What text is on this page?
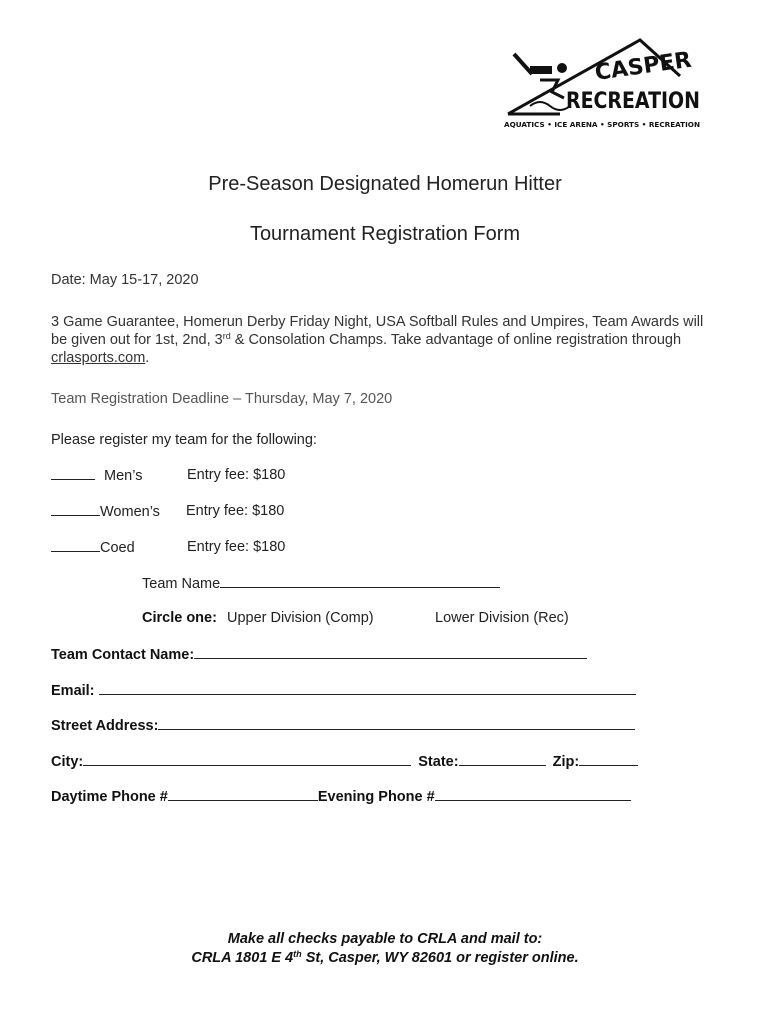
CASPER
RECREATION
AQUATICS • ICE ARENA • SPORTS • RECREATION
Pre-Season Designated Homerun Hitter
Tournament Registration Form
Date: May 15-17, 2020
3 Game Guarantee, Homerun Derby Friday Night, USA Softball Rules and Umpires, Team Awards will be given out for 1st, 2nd, 3rd & Consolation Champs. Take advantage of online registration through crlasports.com.
Team Registration Deadline – Thursday, May 7, 2020
Please register my team for the following:
Men’s	Entry fee: $180
Women’s Entry fee: $180
Coed	Entry fee: $180
Team Name
Circle one: Upper Division (Comp)	Lower Division (Rec)
Team Contact Name:
Email:
Street Address:
City:	State:	Zip:
Daytime Phone #	Evening Phone #
Make all checks payable to CRLA and mail to:
CRLA 1801 E 4th St, Casper, WY 82601 or register online.
